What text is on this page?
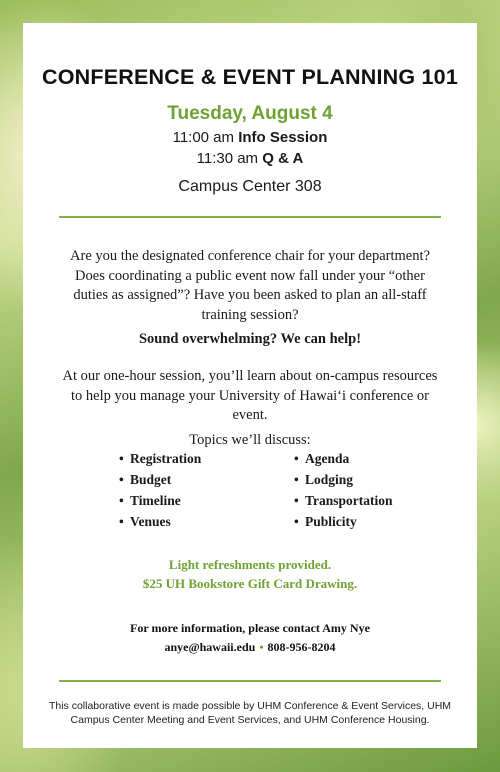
CONFERENCE & EVENT PLANNING 101
Tuesday, August 4
11:00 am Info Session
11:30 am Q & A
Campus Center 308
Are you the designated conference chair for your department? Does coordinating a public event now fall under your “other duties as assigned”? Have you been asked to plan an all-staff training session?
Sound overwhelming? We can help!
At our one-hour session, you’ll learn about on-campus resources to help you manage your University of Hawaiʻi conference or event.
Topics we’ll discuss:
• Registration
• Budget
• Timeline
• Venues
• Agenda
• Lodging
• Transportation
• Publicity
Light refreshments provided.
$25 UH Bookstore Gift Card Drawing.
For more information, please contact Amy Nye
anye@hawaii.edu • 808-956-8204
This collaborative event is made possible by UHM Conference & Event Services, UHM Campus Center Meeting and Event Services, and UHM Conference Housing.
